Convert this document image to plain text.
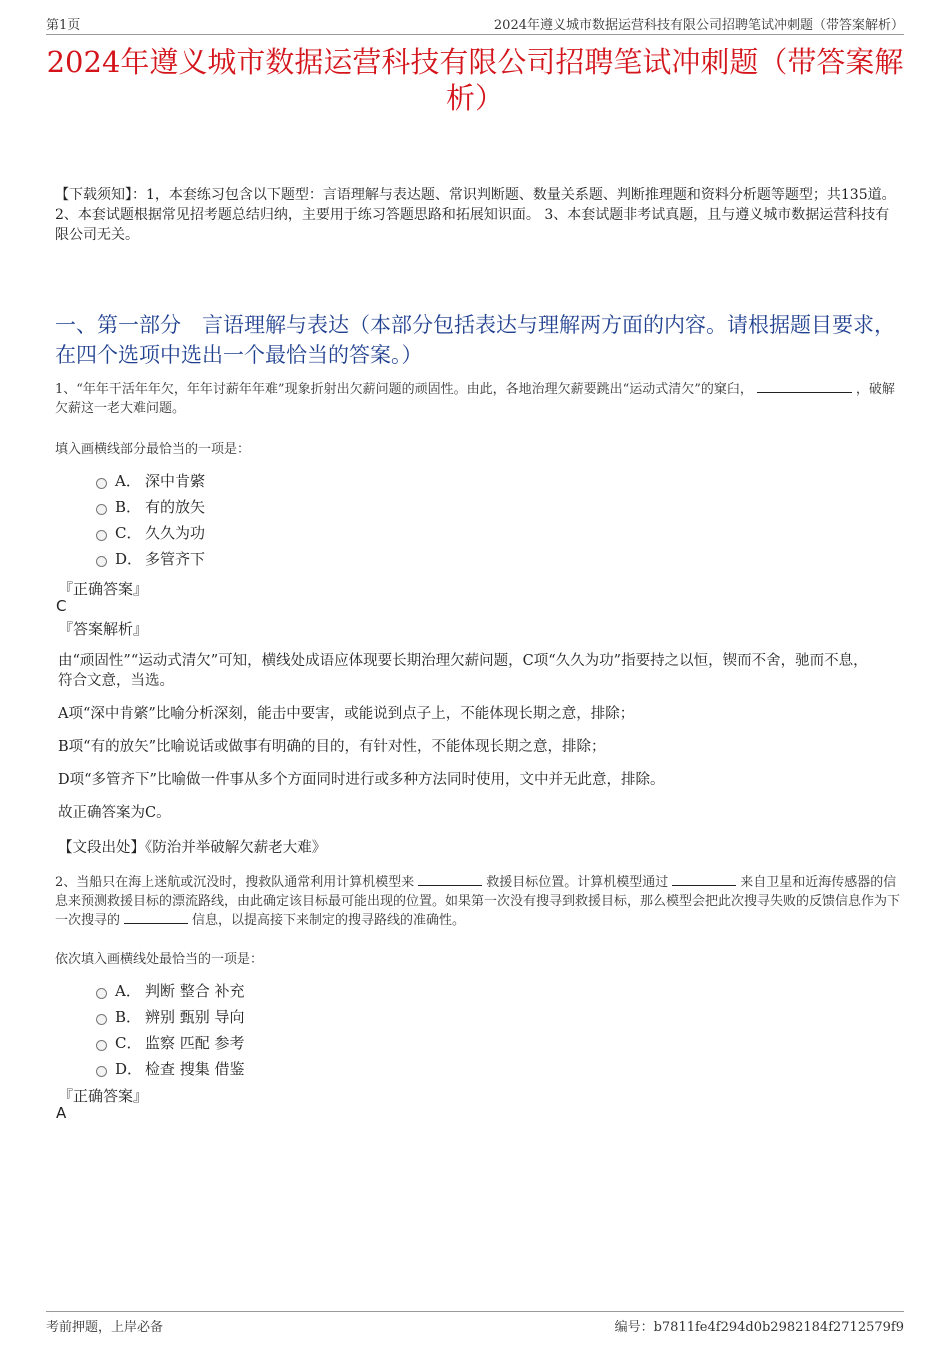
第1页	2024年遵义城市数据运营科技有限公司招聘笔试冲刺题（带答案解析）
2024年遵义城市数据运营科技有限公司招聘笔试冲刺题（带答案解析）
【下载须知】：1，本套练习包含以下题型：言语理解与表达题、常识判断题、数量关系题、判断推理题和资料分析题等题型；共135道。 2、本套试题根据常见招考题总结归纳，主要用于练习答题思路和拓展知识面。 3、本套试题非考试真题，且与遵义城市数据运营科技有限公司无关。
一、第一部分　言语理解与表达（本部分包括表达与理解两方面的内容。请根据题目要求，在四个选项中选出一个最恰当的答案。）
1、“年年干活年年欠，年年讨薪年年难”现象折射出欠薪问题的顽固性。由此，各地治理欠薪要跳出“运动式清欠”的窠臼，	，破解欠薪这一老大难问题。
填入画横线部分最恰当的一项是：
A． 深中肯綮
B． 有的放矢
C． 久久为功
D． 多管齐下
『正确答案』
C
『答案解析』
由“顽固性”“运动式清欠”可知，横线处成语应体现要长期治理欠薪问题，C项“久久为功”指要持之以恒，锲而不舍，驰而不息，符合文意，当选。
A项“深中肯綮”比喻分析深刻，能击中要害，或能说到点子上，不能体现长期之意，排除；
B项“有的放矢”比喻说话或做事有明确的目的，有针对性，不能体现长期之意，排除；
D项“多管齐下”比喻做一件事从多个方面同时进行或多种方法同时使用，文中并无此意，排除。
故正确答案为C。
【文段出处】《防治并举破解欠薪老大难》
2、当船只在海上迷航或沉没时，搜救队通常利用计算机模型来	救援目标位置。计算机模型通过	来自卫星和近海传感器的信息来预测救援目标的漂流路线，由此确定该目标最可能出现的位置。如果第一次没有搜寻到救援目标，那么模型会把此次搜寻失败的反馈信息作为下一次搜寻的	信息，以提高接下来制定的搜寻路线的准确性。
依次填入画横线处最恰当的一项是：
A． 判断 整合 补充
B． 辨别 甄别 导向
C． 监察 匹配 参考
D． 检查 搜集 借鉴
『正确答案』
A
考前押题，上岸必备	编号：b7811fe4f294d0b2982184f2712579f9
